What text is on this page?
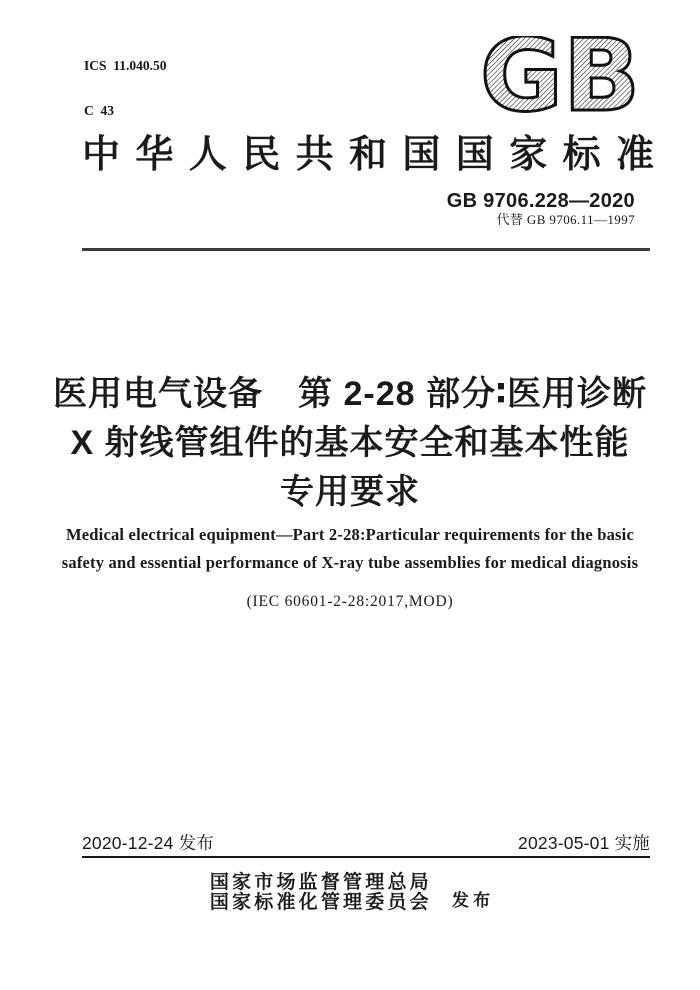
ICS  11.040.50

C  43

	GB
中华人民共和国国家标准
GB 9706.228—2020
代替 GB 9706.11—1997
医用电气设备　第 2-28 部分∶医用诊断
X 射线管组件的基本安全和基本性能
专用要求
Medical electrical equipment—Part 2-28:Particular requirements for the basic
safety and essential performance of X-ray tube assemblies for medical diagnosis
(IEC 60601-2-28:2017,MOD)
2020-12-24 发布	2023-05-01 实施
国家市场监督管理总局
国家标准化管理委员会 发 布
